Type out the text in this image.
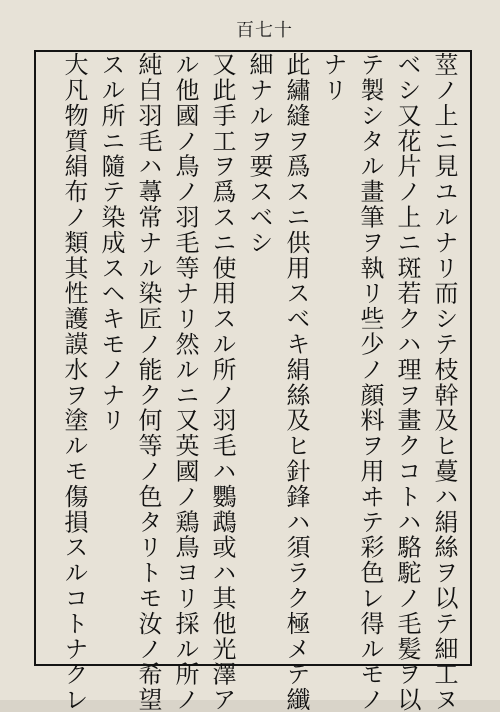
百七十
莖ノ上ニ見ユルナリ而シテ枝幹及ヒ蔓ハ絹絲ヲ以テ細工ヌ
ベシ又花片ノ上ニ斑若クハ理ヲ畫クコトハ駱駝ノ毛髪ヲ以
テ製シタル畫筆ヲ執リ些少ノ顔料ヲ用ヰテ彩色レ得ルモノ
ナリ
此繡縫ヲ爲スニ供用スベキ絹絲及ヒ針鋒ハ須ラク極メテ纖
細ナルヲ要スベシ
又此手工ヲ爲スニ使用スル所ノ羽毛ハ鸚鵡或ハ其他光澤ア
ル他國ノ鳥ノ羽毛等ナリ然ルニ又英國ノ鶏鳥ヨリ採ル所ノ
純白羽毛ハ蕁常ナル染匠ノ能ク何等ノ色タリトモ汝ノ希望
スル所ニ隨テ染成スヘキモノナリ
大凡物質絹布ノ類其性護謨水ヲ塗ルモ傷損スルコトナクレ
